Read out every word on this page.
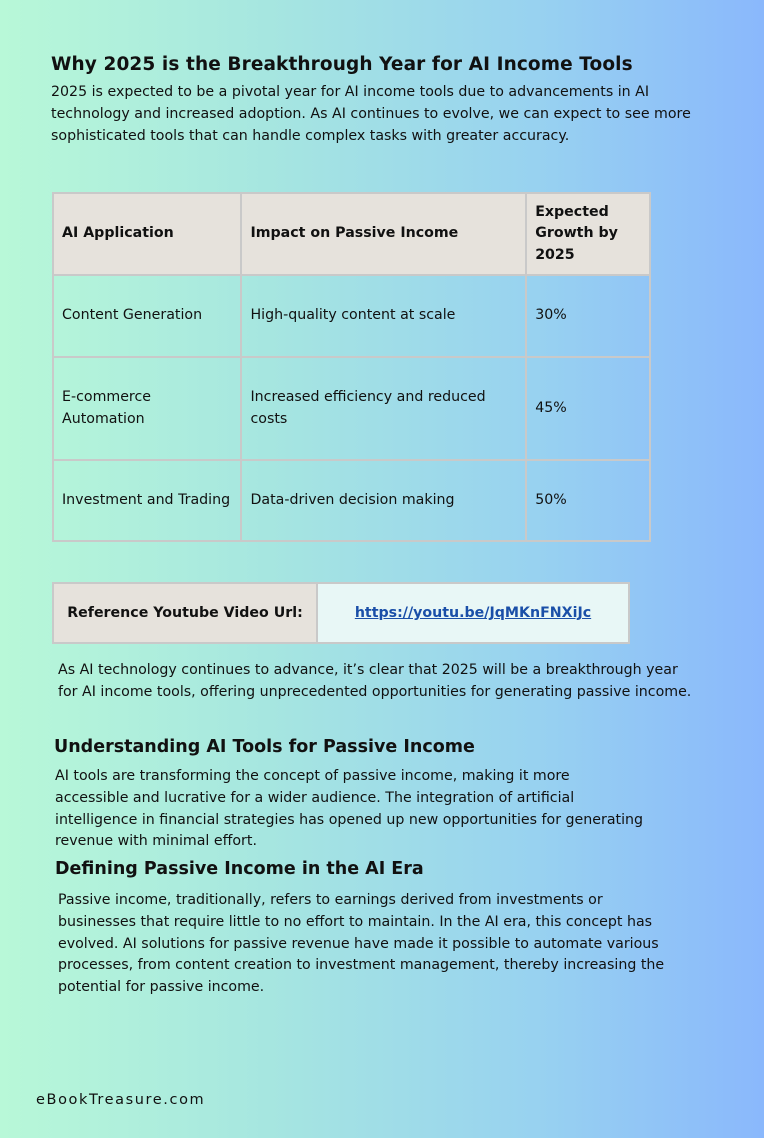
Why 2025 is the Breakthrough Year for AI Income Tools

2025 is expected to be a pivotal year for AI income tools due to advancements in AI technology and increased adoption. As AI continues to evolve, we can expect to see more sophisticated tools that can handle complex tasks with greater accuracy.

AI Application	Impact on Passive Income	Expected Growth by 2025
Content Generation	High-quality content at scale	30%
E-commerce Automation	Increased efficiency and reduced costs	45%
Investment and Trading	Data-driven decision making	50%
Reference Youtube Video Url:	https://youtu.be/JqMKnFNXiJc

As AI technology continues to advance, it’s clear that 2025 will be a breakthrough year for AI income tools, offering unprecedented opportunities for generating passive income.

Understanding AI Tools for Passive Income

AI tools are transforming the concept of passive income, making it more accessible and lucrative for a wider audience. The integration of artificial intelligence in financial strategies has opened up new opportunities for generating revenue with minimal effort.

Defining Passive Income in the AI Era

Passive income, traditionally, refers to earnings derived from investments or businesses that require little to no effort to maintain. In the AI era, this concept has evolved. AI solutions for passive revenue have made it possible to automate various processes, from content creation to investment management, thereby increasing the potential for passive income.

eBookTreasure.com
